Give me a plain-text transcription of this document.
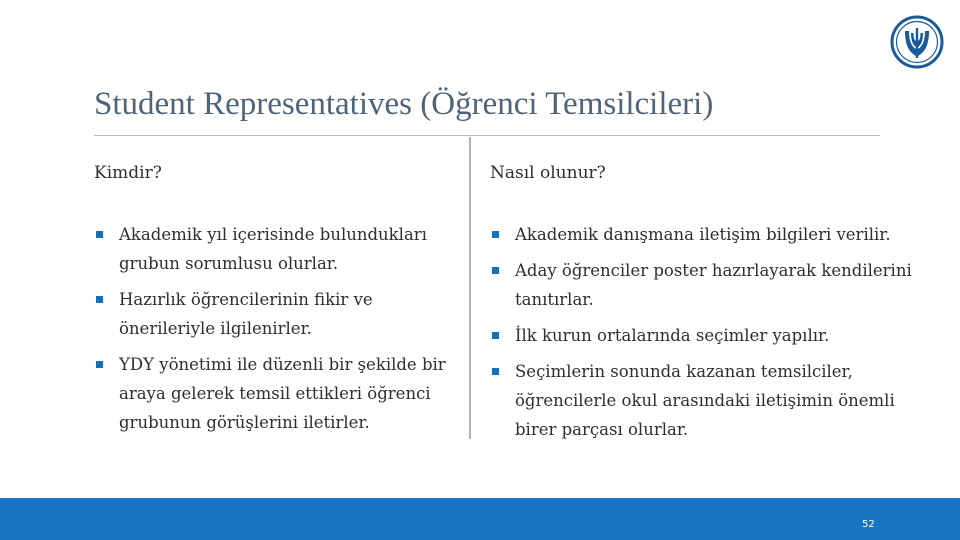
Student Representatives (Öğrenci Temsilcileri)
Kimdir?
Akademik yıl içerisinde bulundukları grubun sorumlusu olurlar.
Hazırlık öğrencilerinin fikir ve önerileriyle ilgilenirler.
YDY yönetimi ile düzenli bir şekilde bir araya gelerek temsil ettikleri öğrenci grubunun görüşlerini iletirler.
Nasıl olunur?
Akademik danışmana iletişim bilgileri verilir.
Aday öğrenciler poster hazırlayarak kendilerini tanıtırlar.
İlk kurun ortalarında seçimler yapılır.
Seçimlerin sonunda kazanan temsilciler, öğrencilerle okul arasındaki iletişimin önemli birer parçası olurlar.
52
